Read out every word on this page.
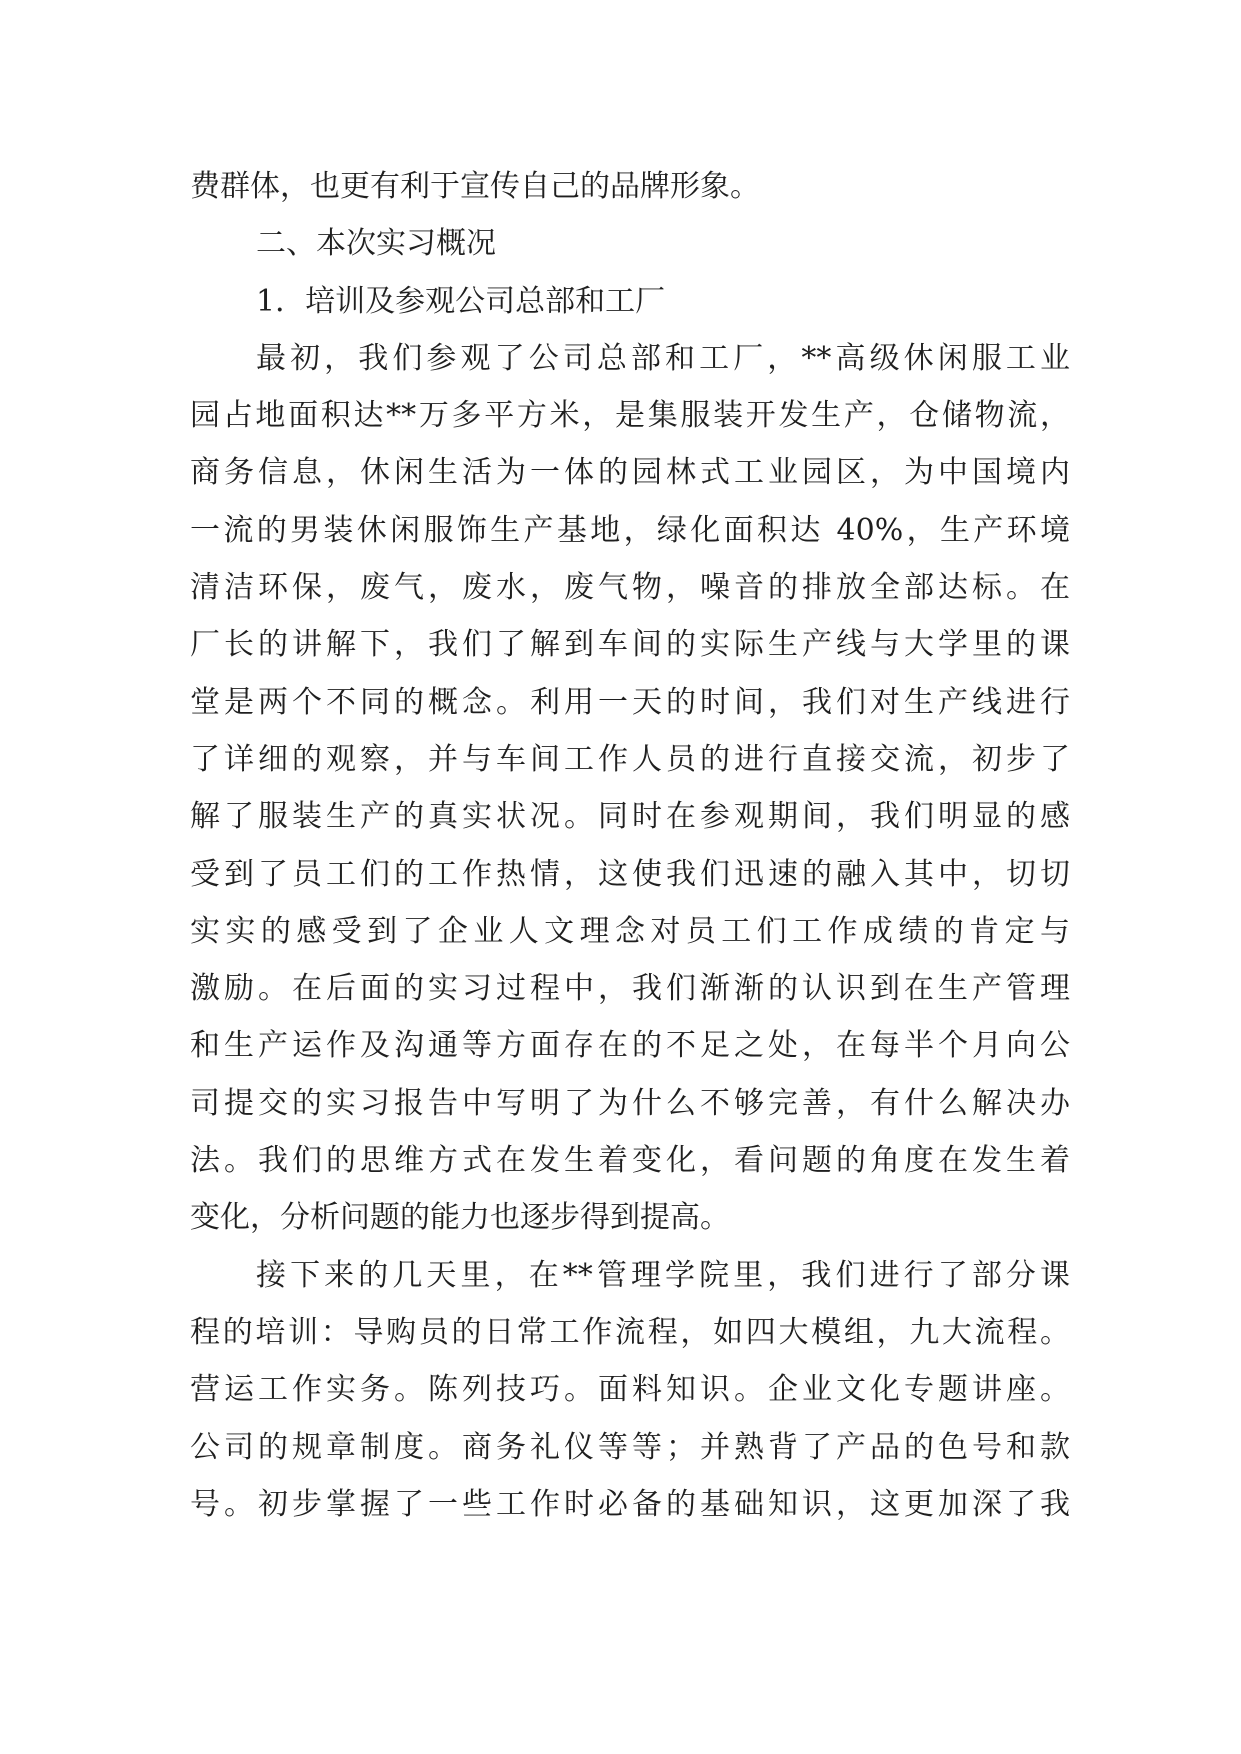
费群体，也更有利于宣传自己的品牌形象。
二、本次实习概况
1．培训及参观公司总部和工厂
最初，我们参观了公司总部和工厂，**高级休闲服工业
园占地面积达**万多平方米，是集服装开发生产，仓储物流，
商务信息，休闲生活为一体的园林式工业园区，为中国境内
一流的男装休闲服饰生产基地，绿化面积达 40%，生产环境
清洁环保，废气，废水，废气物，噪音的排放全部达标。在
厂长的讲解下，我们了解到车间的实际生产线与大学里的课
堂是两个不同的概念。利用一天的时间，我们对生产线进行
了详细的观察，并与车间工作人员的进行直接交流，初步了
解了服装生产的真实状况。同时在参观期间，我们明显的感
受到了员工们的工作热情，这使我们迅速的融入其中，切切
实实的感受到了企业人文理念对员工们工作成绩的肯定与
激励。在后面的实习过程中，我们渐渐的认识到在生产管理
和生产运作及沟通等方面存在的不足之处，在每半个月向公
司提交的实习报告中写明了为什么不够完善，有什么解决办
法。我们的思维方式在发生着变化，看问题的角度在发生着
变化，分析问题的能力也逐步得到提高。
接下来的几天里，在**管理学院里，我们进行了部分课
程的培训：导购员的日常工作流程，如四大模组，九大流程。
营运工作实务。陈列技巧。面料知识。企业文化专题讲座。
公司的规章制度。商务礼仪等等；并熟背了产品的色号和款
号。初步掌握了一些工作时必备的基础知识，这更加深了我
